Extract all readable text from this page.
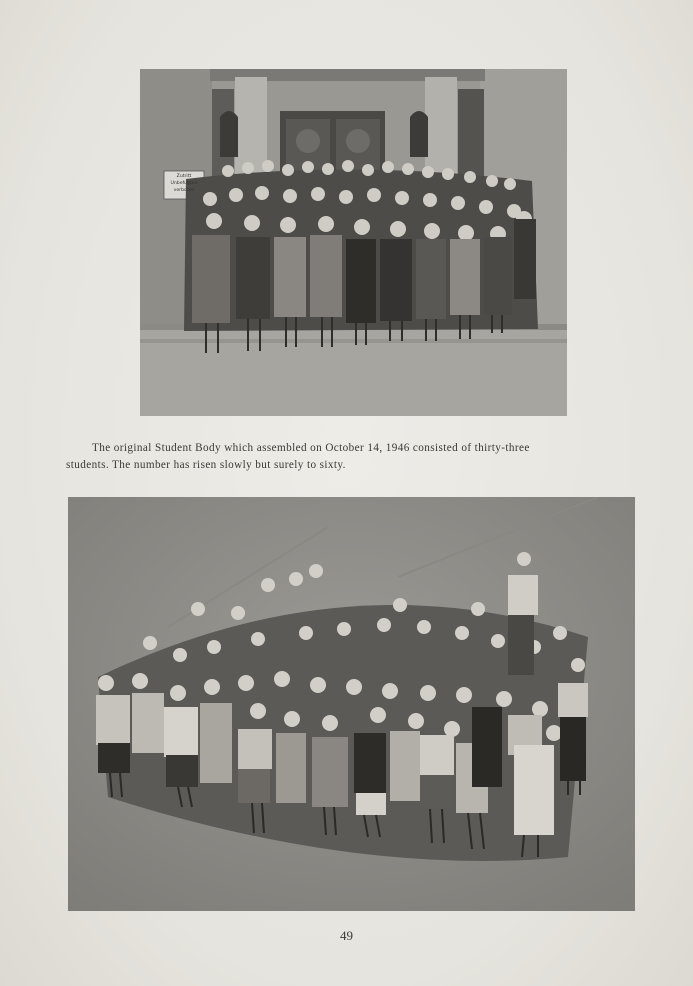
Zutritt
Unbefugten
verboten
The original Student Body which assembled on October 14, 1946 consisted of thirty-three
students. The number has risen slowly but surely to sixty.
49
